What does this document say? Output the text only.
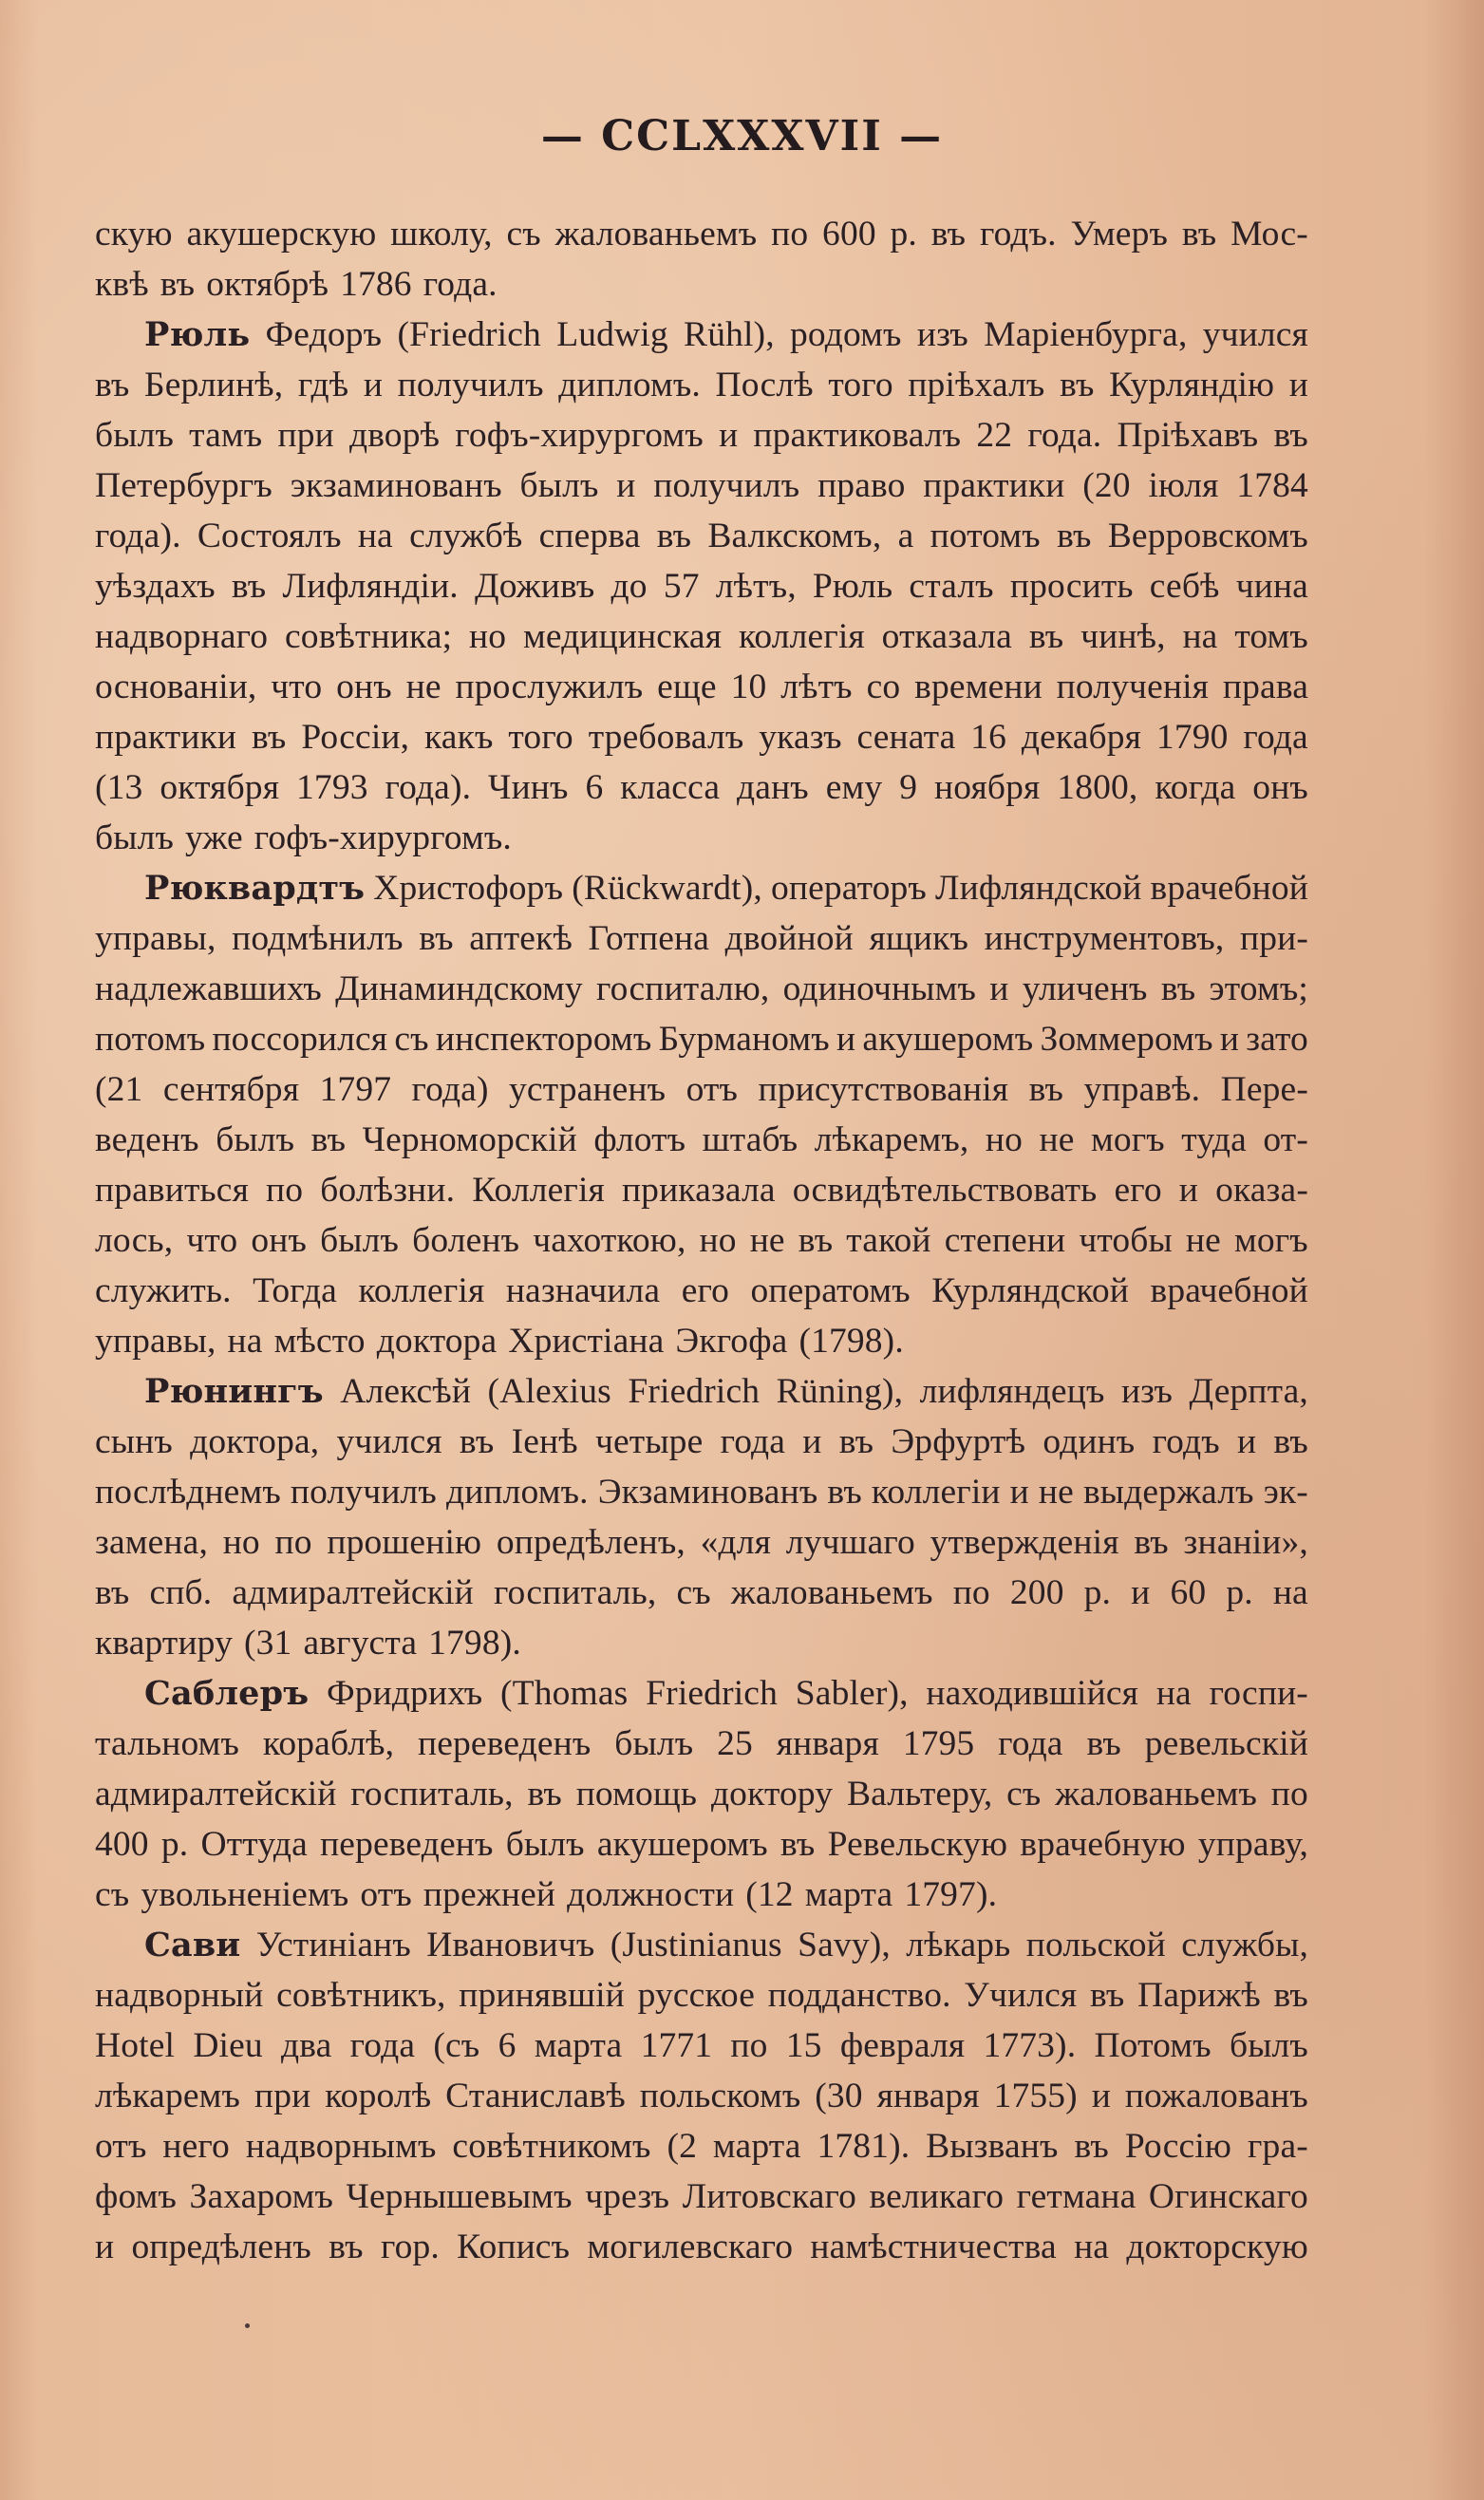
— CCLXXXVII —
скую акушерскую школу, съ жалованьемъ по 600 р. въ годъ. Умеръ въ Мос-
квѣ въ октябрѣ 1786 года.
Рюль Федоръ (Friedrich Ludwig Rühl), родомъ изъ Маріенбурга, учился
въ Берлинѣ, гдѣ и получилъ дипломъ. Послѣ того пріѣхалъ въ Курляндію и
былъ тамъ при дворѣ гофъ-хирургомъ и практиковалъ 22 года. Пріѣхавъ въ
Петербургъ экзаминованъ былъ и получилъ право практики (20 іюля 1784
года). Состоялъ на службѣ сперва въ Валкскомъ, а потомъ въ Верровскомъ
уѣздахъ въ Лифляндіи. Доживъ до 57 лѣтъ, Рюль сталъ просить себѣ чина
надворнаго совѣтника; но медицинская коллегія отказала въ чинѣ, на томъ
основаніи, что онъ не прослужилъ еще 10 лѣтъ со времени полученія права
практики въ Россіи, какъ того требовалъ указъ сената 16 декабря 1790 года
(13 октября 1793 года). Чинъ 6 класса данъ ему 9 ноября 1800, когда онъ
былъ уже гофъ-хирургомъ.
Рюквардтъ Христофоръ (Rückwardt), операторъ Лифляндской врачебной
управы, подмѣнилъ въ аптекѣ Готпена двойной ящикъ инструментовъ, при-
надлежавшихъ Динаминдскому госпиталю, одиночнымъ и уличенъ въ этомъ;
потомъ поссорился съ инспекторомъ Бурманомъ и акушеромъ Зоммеромъ и зато
(21 сентября 1797 года) устраненъ отъ присутствованія въ управѣ. Пере-
веденъ былъ въ Черноморскій флотъ штабъ лѣкаремъ, но не могъ туда от-
правиться по болѣзни. Коллегія приказала освидѣтельствовать его и оказа-
лось, что онъ былъ боленъ чахоткою, но не въ такой степени чтобы не могъ
служить. Тогда коллегія назначила его оператомъ Курляндской врачебной
управы, на мѣсто доктора Христіана Экгофа (1798).
Рюнингъ Алексѣй (Alexius Friedrich Rüning), лифляндецъ изъ Дерпта,
сынъ доктора, учился въ Іенѣ четыре года и въ Эрфуртѣ одинъ годъ и въ
послѣднемъ получилъ дипломъ. Экзаминованъ въ коллегіи и не выдержалъ эк-
замена, но по прошенію опредѣленъ, «для лучшаго утвержденія въ знаніи»,
въ спб. адмиралтейскій госпиталь, съ жалованьемъ по 200 р. и 60 р. на
квартиру (31 августа 1798).
Саблеръ Фридрихъ (Thomas Friedrich Sabler), находившійся на госпи-
тальномъ кораблѣ, переведенъ былъ 25 января 1795 года въ ревельскій
адмиралтейскій госпиталь, въ помощь доктору Вальтеру, съ жалованьемъ по
400 р. Оттуда переведенъ былъ акушеромъ въ Ревельскую врачебную управу,
съ увольненіемъ отъ прежней должности (12 марта 1797).
Сави Устиніанъ Ивановичъ (Justinianus Savy), лѣкарь польской службы,
надворный совѣтникъ, принявшій русское подданство. Учился въ Парижѣ въ
Hotel Dieu два года (съ 6 марта 1771 по 15 февраля 1773). Потомъ былъ
лѣкаремъ при королѣ Станиславѣ польскомъ (30 января 1755) и пожалованъ
отъ него надворнымъ совѣтникомъ (2 марта 1781). Вызванъ въ Россію гра-
фомъ Захаромъ Чернышевымъ чрезъ Литовскаго великаго гетмана Огинскаго
и опредѣленъ въ гор. Кописъ могилевскаго намѣстничества на докторскую
